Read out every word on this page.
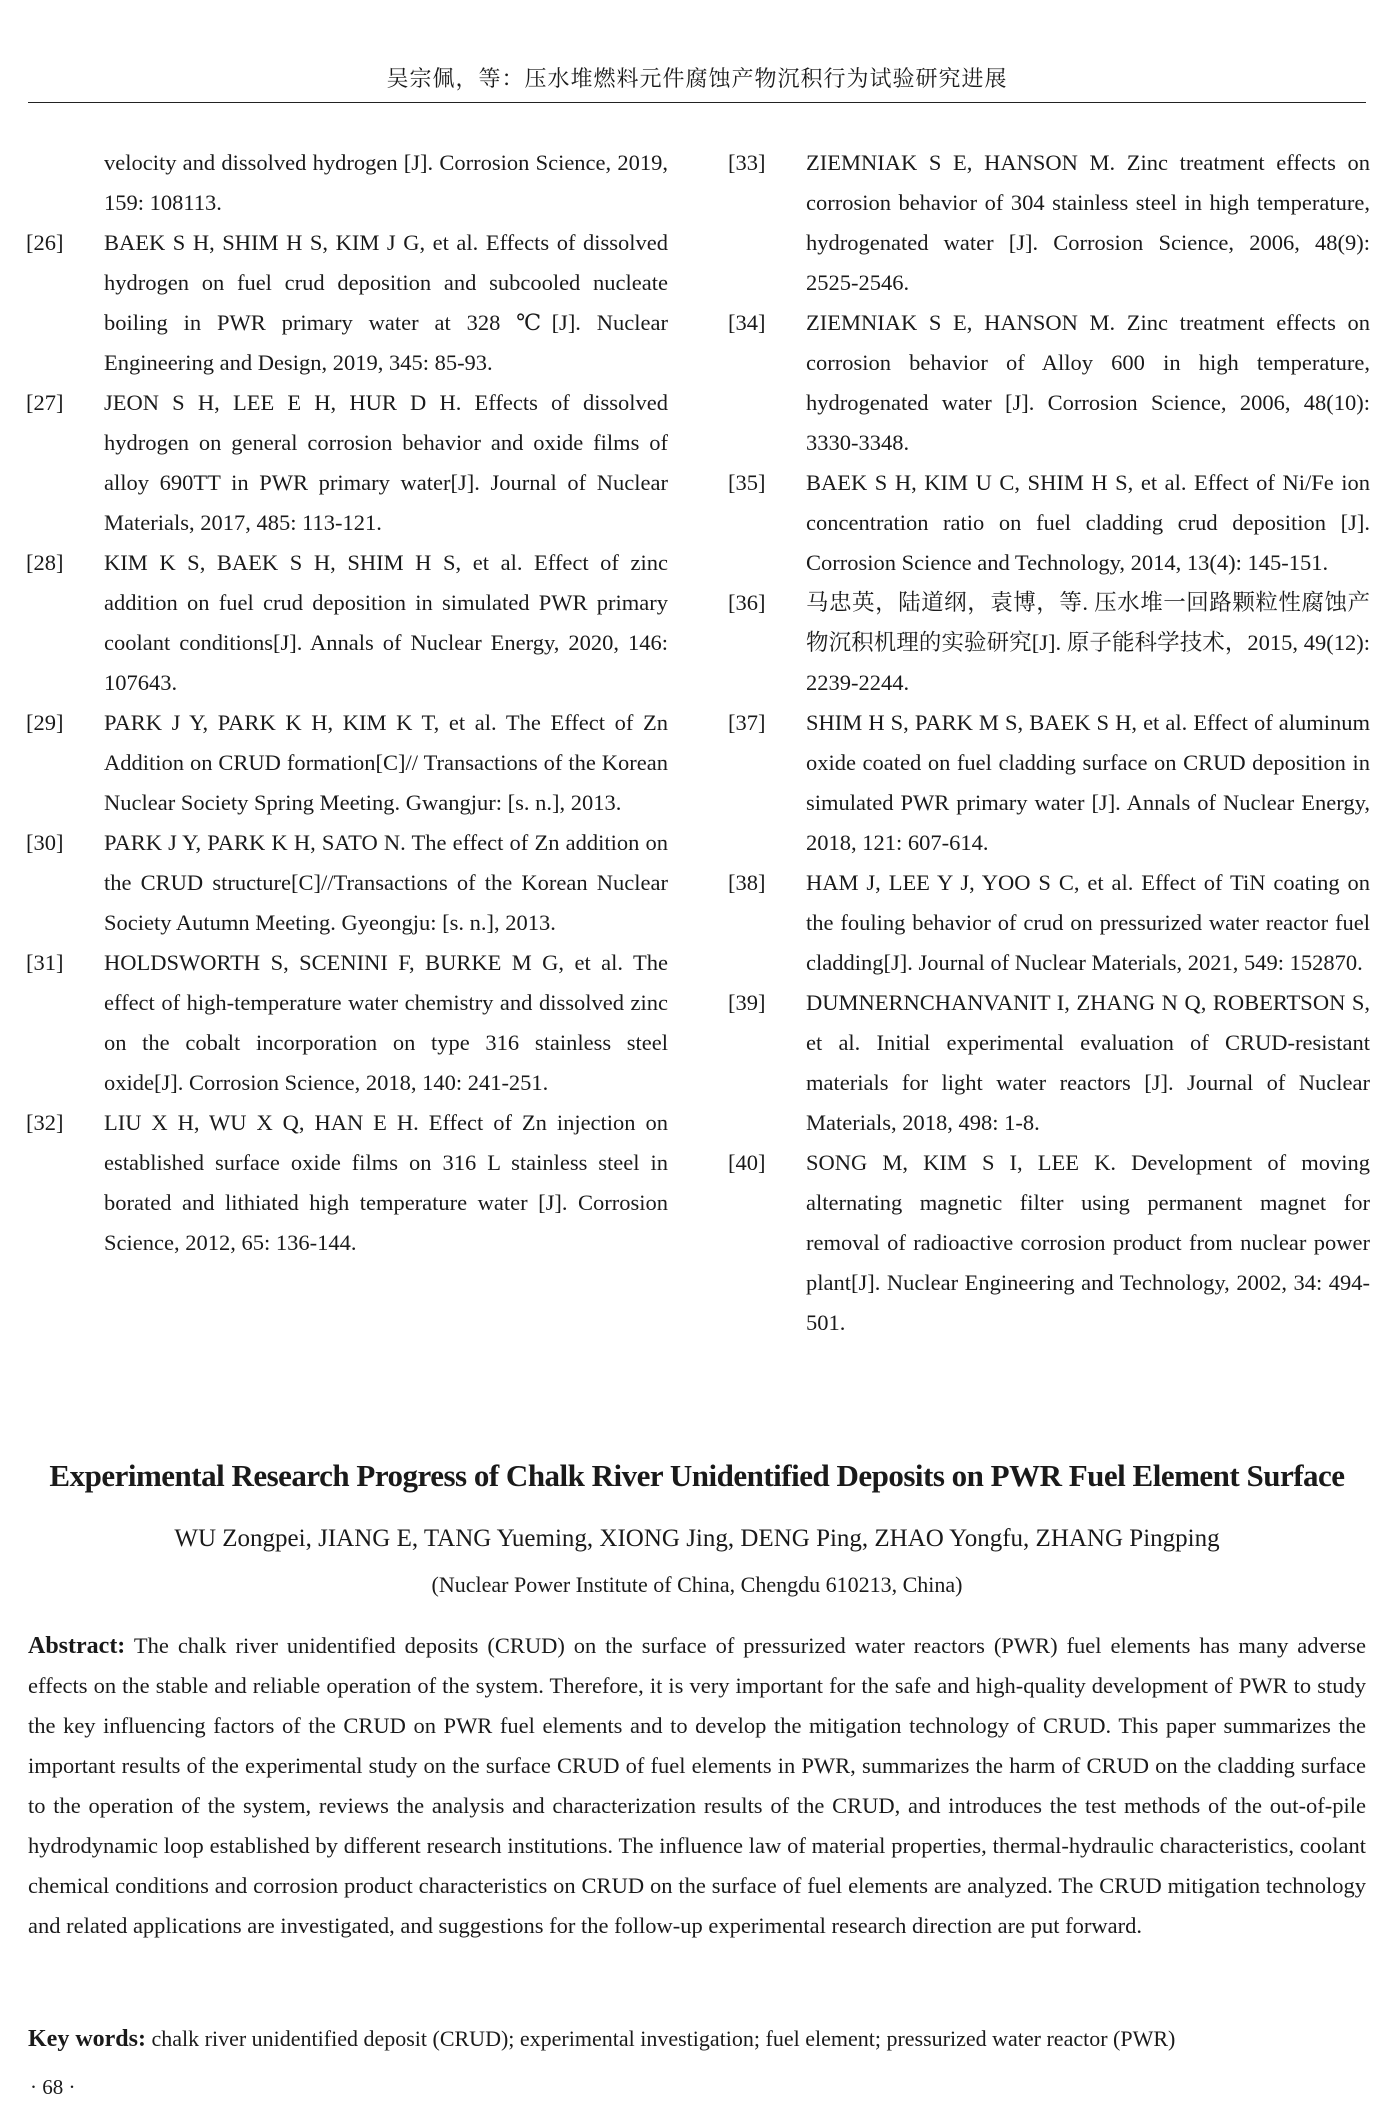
吴宗佩，等：压水堆燃料元件腐蚀产物沉积行为试验研究进展
velocity and dissolved hydrogen [J]. Corrosion Science, 2019, 159: 108113.
[26]	BAEK S H, SHIM H S, KIM J G, et al. Effects of dissolved hydrogen on fuel crud deposition and subcooled nucleate boiling in PWR primary water at 328 ℃[J]. Nuclear Engineering and Design, 2019, 345: 85-93.
[27]	JEON S H, LEE E H, HUR D H. Effects of dissolved hydrogen on general corrosion behavior and oxide films of alloy 690TT in PWR primary water[J]. Journal of Nuclear Materials, 2017, 485: 113-121.
[28]	KIM K S, BAEK S H, SHIM H S, et al. Effect of zinc addition on fuel crud deposition in simulated PWR primary coolant conditions[J]. Annals of Nuclear Energy, 2020, 146: 107643.
[29]	PARK J Y, PARK K H, KIM K T, et al. The Effect of Zn Addition on CRUD formation[C]// Transactions of the Korean Nuclear Society Spring Meeting. Gwangjur: [s. n.], 2013.
[30]	PARK J Y, PARK K H, SATO N. The effect of Zn addition on the CRUD structure[C]//Transactions of the Korean Nuclear Society Autumn Meeting. Gyeongju: [s. n.], 2013.
[31]	HOLDSWORTH S, SCENINI F, BURKE M G, et al. The effect of high-temperature water chemistry and dissolved zinc on the cobalt incorporation on type 316 stainless steel oxide[J]. Corrosion Science, 2018, 140: 241-251.
[32]	LIU X H, WU X Q, HAN E H. Effect of Zn injection on established surface oxide films on 316 L stainless steel in borated and lithiated high temperature water [J]. Corrosion Science, 2012, 65: 136-144.
[33]	ZIEMNIAK S E, HANSON M. Zinc treatment effects on corrosion behavior of 304 stainless steel in high temperature, hydrogenated water [J]. Corrosion Science, 2006, 48(9): 2525-2546.
[34]	ZIEMNIAK S E, HANSON M. Zinc treatment effects on corrosion behavior of Alloy 600 in high temperature, hydrogenated water [J]. Corrosion Science, 2006, 48(10): 3330-3348.
[35]	BAEK S H, KIM U C, SHIM H S, et al. Effect of Ni/Fe ion concentration ratio on fuel cladding crud deposition [J]. Corrosion Science and Technology, 2014, 13(4): 145-151.
[36]	马忠英，陆道纲，袁博，等. 压水堆一回路颗粒性腐蚀产物沉积机理的实验研究[J]. 原子能科学技术，2015, 49(12): 2239-2244.
[37]	SHIM H S, PARK M S, BAEK S H, et al. Effect of aluminum oxide coated on fuel cladding surface on CRUD deposition in simulated PWR primary water [J]. Annals of Nuclear Energy, 2018, 121: 607-614.
[38]	HAM J, LEE Y J, YOO S C, et al. Effect of TiN coating on the fouling behavior of crud on pressurized water reactor fuel cladding[J]. Journal of Nuclear Materials, 2021, 549: 152870.
[39]	DUMNERNCHANVANIT I, ZHANG N Q, ROBERTSON S, et al. Initial experimental evaluation of CRUD-resistant materials for light water reactors [J]. Journal of Nuclear Materials, 2018, 498: 1-8.
[40]	SONG M, KIM S I, LEE K. Development of moving alternating magnetic filter using permanent magnet for removal of radioactive corrosion product from nuclear power plant[J]. Nuclear Engineering and Technology, 2002, 34: 494-501.
Experimental Research Progress of Chalk River Unidentified Deposits on PWR Fuel Element Surface
WU Zongpei, JIANG E, TANG Yueming, XIONG Jing, DENG Ping, ZHAO Yongfu, ZHANG Pingping
(Nuclear Power Institute of China, Chengdu 610213, China)
Abstract: The chalk river unidentified deposits (CRUD) on the surface of pressurized water reactors (PWR) fuel elements has many adverse effects on the stable and reliable operation of the system. Therefore, it is very important for the safe and high-quality development of PWR to study the key influencing factors of the CRUD on PWR fuel elements and to develop the mitigation technology of CRUD. This paper summarizes the important results of the experimental study on the surface CRUD of fuel elements in PWR, summarizes the harm of CRUD on the cladding surface to the operation of the system, reviews the analysis and characterization results of the CRUD, and introduces the test methods of the out-of-pile hydrodynamic loop established by different research institutions. The influence law of material properties, thermal-hydraulic characteristics, coolant chemical conditions and corrosion product characteristics on CRUD on the surface of fuel elements are analyzed. The CRUD mitigation technology and related applications are investigated, and suggestions for the follow-up experimental research direction are put forward.
Key words: chalk river unidentified deposit (CRUD); experimental investigation; fuel element; pressurized water reactor (PWR)
· 68 ·
